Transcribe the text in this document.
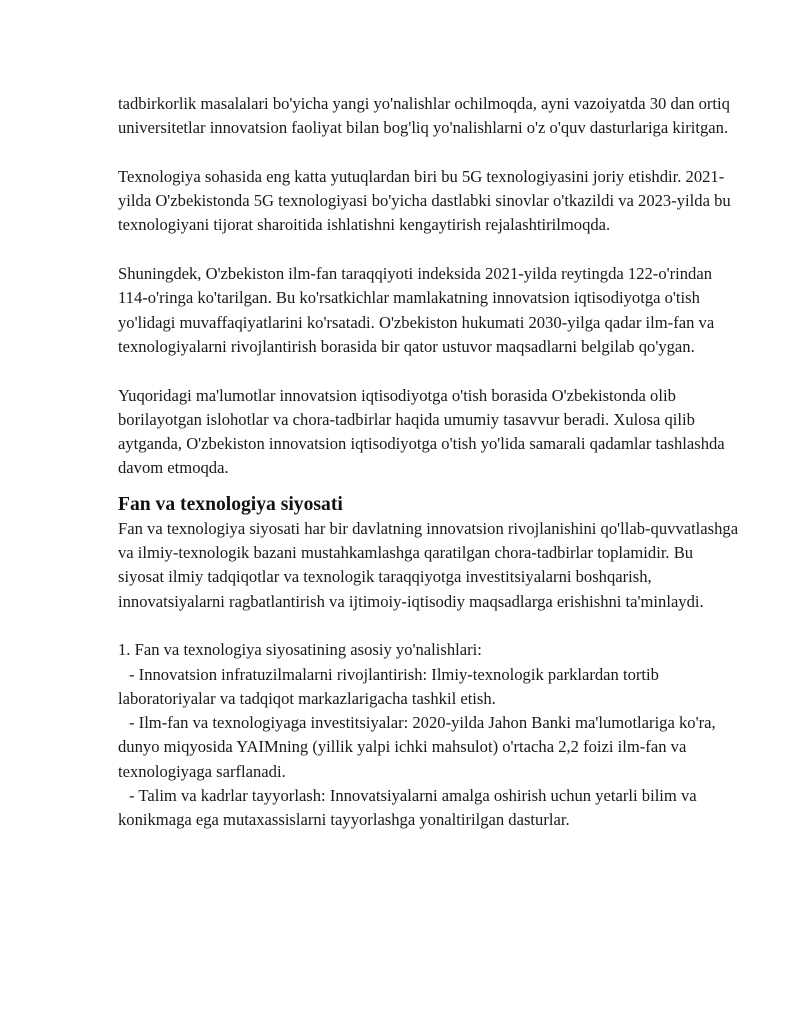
tadbirkorlik masalalari bo'yicha yangi yo'nalishlar ochilmoqda, ayni vazoiyatda 30 dan ortiq universitetlar innovatsion faoliyat bilan bog'liq yo'nalishlarni o'z o'quv dasturlariga kiritgan.

Texnologiya sohasida eng katta yutuqlardan biri bu 5G texnologiyasini joriy etishdir. 2021-yilda O'zbekistonda 5G texnologiyasi bo'yicha dastlabki sinovlar o'tkazildi va 2023-yilda bu texnologiyani tijorat sharoitida ishlatishni kengaytirish rejalashtirilmoqda.

Shuningdek, O'zbekiston ilm-fan taraqqiyoti indeksida 2021-yilda reytingda 122-o'rindan 114-o'ringa ko'tarilgan. Bu ko'rsatkichlar mamlakatning innovatsion iqtisodiyotga o'tish yo'lidagi muvaffaqiyatlarini ko'rsatadi. O'zbekiston hukumati 2030-yilga qadar ilm-fan va texnologiyalarni rivojlantirish borasida bir qator ustuvor maqsadlarni belgilab qo'ygan.

Yuqoridagi ma'lumotlar innovatsion iqtisodiyotga o'tish borasida O'zbekistonda olib borilayotgan islohotlar va chora-tadbirlar haqida umumiy tasavvur beradi. Xulosa qilib aytganda, O'zbekiston innovatsion iqtisodiyotga o'tish yo'lida samarali qadamlar tashlashda davom etmoqda.

Fan va texnologiya siyosati

Fan va texnologiya siyosati har bir davlatning innovatsion rivojlanishini qo'llab-quvvatlashga va ilmiy-texnologik bazani mustahkamlashga qaratilgan chora-tadbirlar toplamidir. Bu siyosat ilmiy tadqiqotlar va texnologik taraqqiyotga investitsiyalarni boshqarish, innovatsiyalarni ragbatlantirish va ijtimoiy-iqtisodiy maqsadlarga erishishni ta'minlaydi.

1. Fan va texnologiya siyosatining asosiy yo'nalishlari:

- Innovatsion infratuzilmalarni rivojlantirish: Ilmiy-texnologik parklardan tortib laboratoriyalar va tadqiqot markazlarigacha tashkil etish.

- Ilm-fan va texnologiyaga investitsiyalar: 2020-yilda Jahon Banki ma'lumotlariga ko'ra, dunyo miqyosida YAIMning (yillik yalpi ichki mahsulot) o'rtacha 2,2 foizi ilm-fan va texnologiyaga sarflanadi.

- Talim va kadrlar tayyorlash: Innovatsiyalarni amalga oshirish uchun yetarli bilim va konikmaga ega mutaxassislarni tayyorlashga yonaltirilgan dasturlar.
